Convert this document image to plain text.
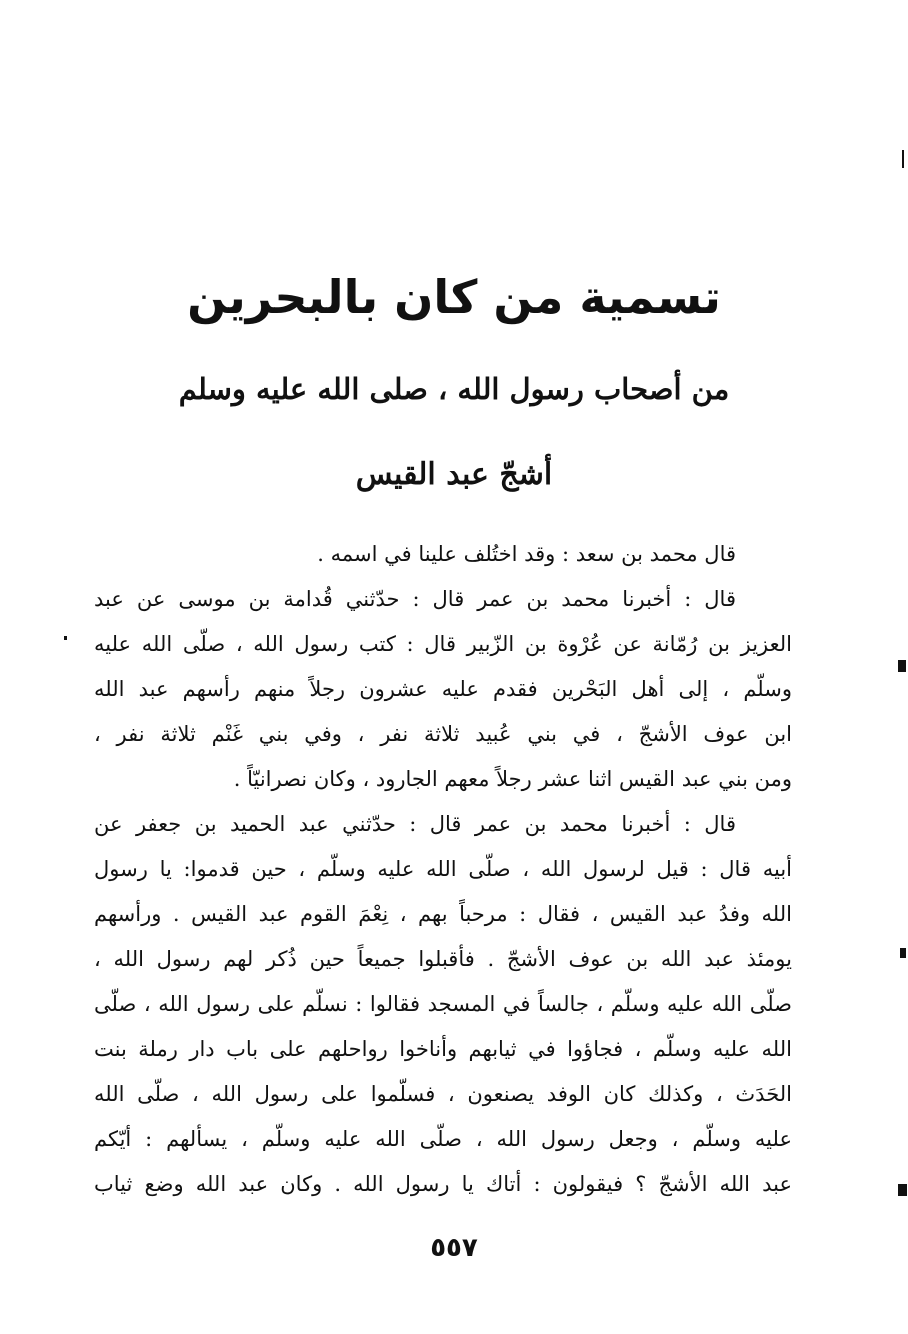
تسمية من كان بالبحرين
من أصحاب رسول الله ، صلى الله عليه وسلم
أشجّ عبد القيس
قال محمد بن سعد : وقد اختُلف علينا في اسمه .
قال : أخبرنا محمد بن عمر قال : حدّثني قُدامة بن موسى عن عبد
العزيز بن رُمّانة عن عُرْوة بن الزّبير قال : كتب رسول الله ، صلّى الله عليه
وسلّم ، إلى أهل البَحْرين فقدم عليه عشرون رجلاً منهم رأسهم عبد الله
ابن عوف الأشجّ ، في بني عُبيد ثلاثة نفر ، وفي بني غَنْم ثلاثة نفر ،
ومن بني عبد القيس اثنا عشر رجلاً معهم الجارود ، وكان نصرانيّاً .
قال : أخبرنا محمد بن عمر قال : حدّثني عبد الحميد بن جعفر عن
أبيه قال : قيل لرسول الله ، صلّى الله عليه وسلّم ، حين قدموا: يا رسول
الله وفدُ عبد القيس ، فقال : مرحباً بهم ، نِعْمَ القوم عبد القيس . ورأسهم
يومئذ عبد الله بن عوف الأشجّ . فأقبلوا جميعاً حين ذُكر لهم رسول الله ،
صلّى الله عليه وسلّم ، جالساً في المسجد فقالوا : نسلّم على رسول الله ، صلّى
الله عليه وسلّم ، فجاؤوا في ثيابهم وأناخوا رواحلهم على باب دار رملة بنت
الحَدَث ، وكذلك كان الوفد يصنعون ، فسلّموا على رسول الله ، صلّى الله
عليه وسلّم ، وجعل رسول الله ، صلّى الله عليه وسلّم ، يسألهم : أيّكم
عبد الله الأشجّ ؟ فيقولون : أتاك يا رسول الله . وكان عبد الله وضع ثياب
٥٥٧
